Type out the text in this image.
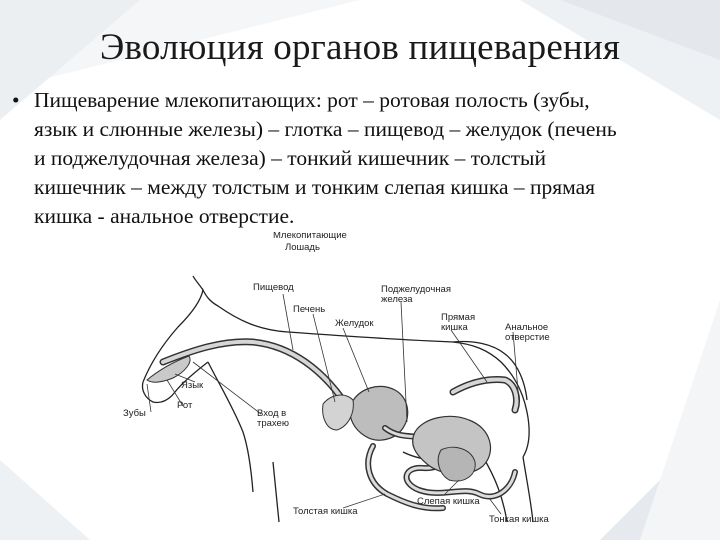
Эволюция органов пищеварения
• Пищеварение млекопитающих: рот – ротовая полость (зубы,
язык и слюнные железы) – глотка – пищевод – желудок (печень
и поджелудочная железа) – тонкий кишечник – толстый
кишечник – между толстым и тонким слепая кишка – прямая
кишка - анальное отверстие.
Млекопитающие
Лошадь
Пищевод
Печень
Желудок
Поджелудочная
железа
Прямая
кишка	Анальное
отверстие
Язык
Зубы
Рот
Вход в
трахею
Слепая кишка
Толстая кишка
Тонкая кишка
